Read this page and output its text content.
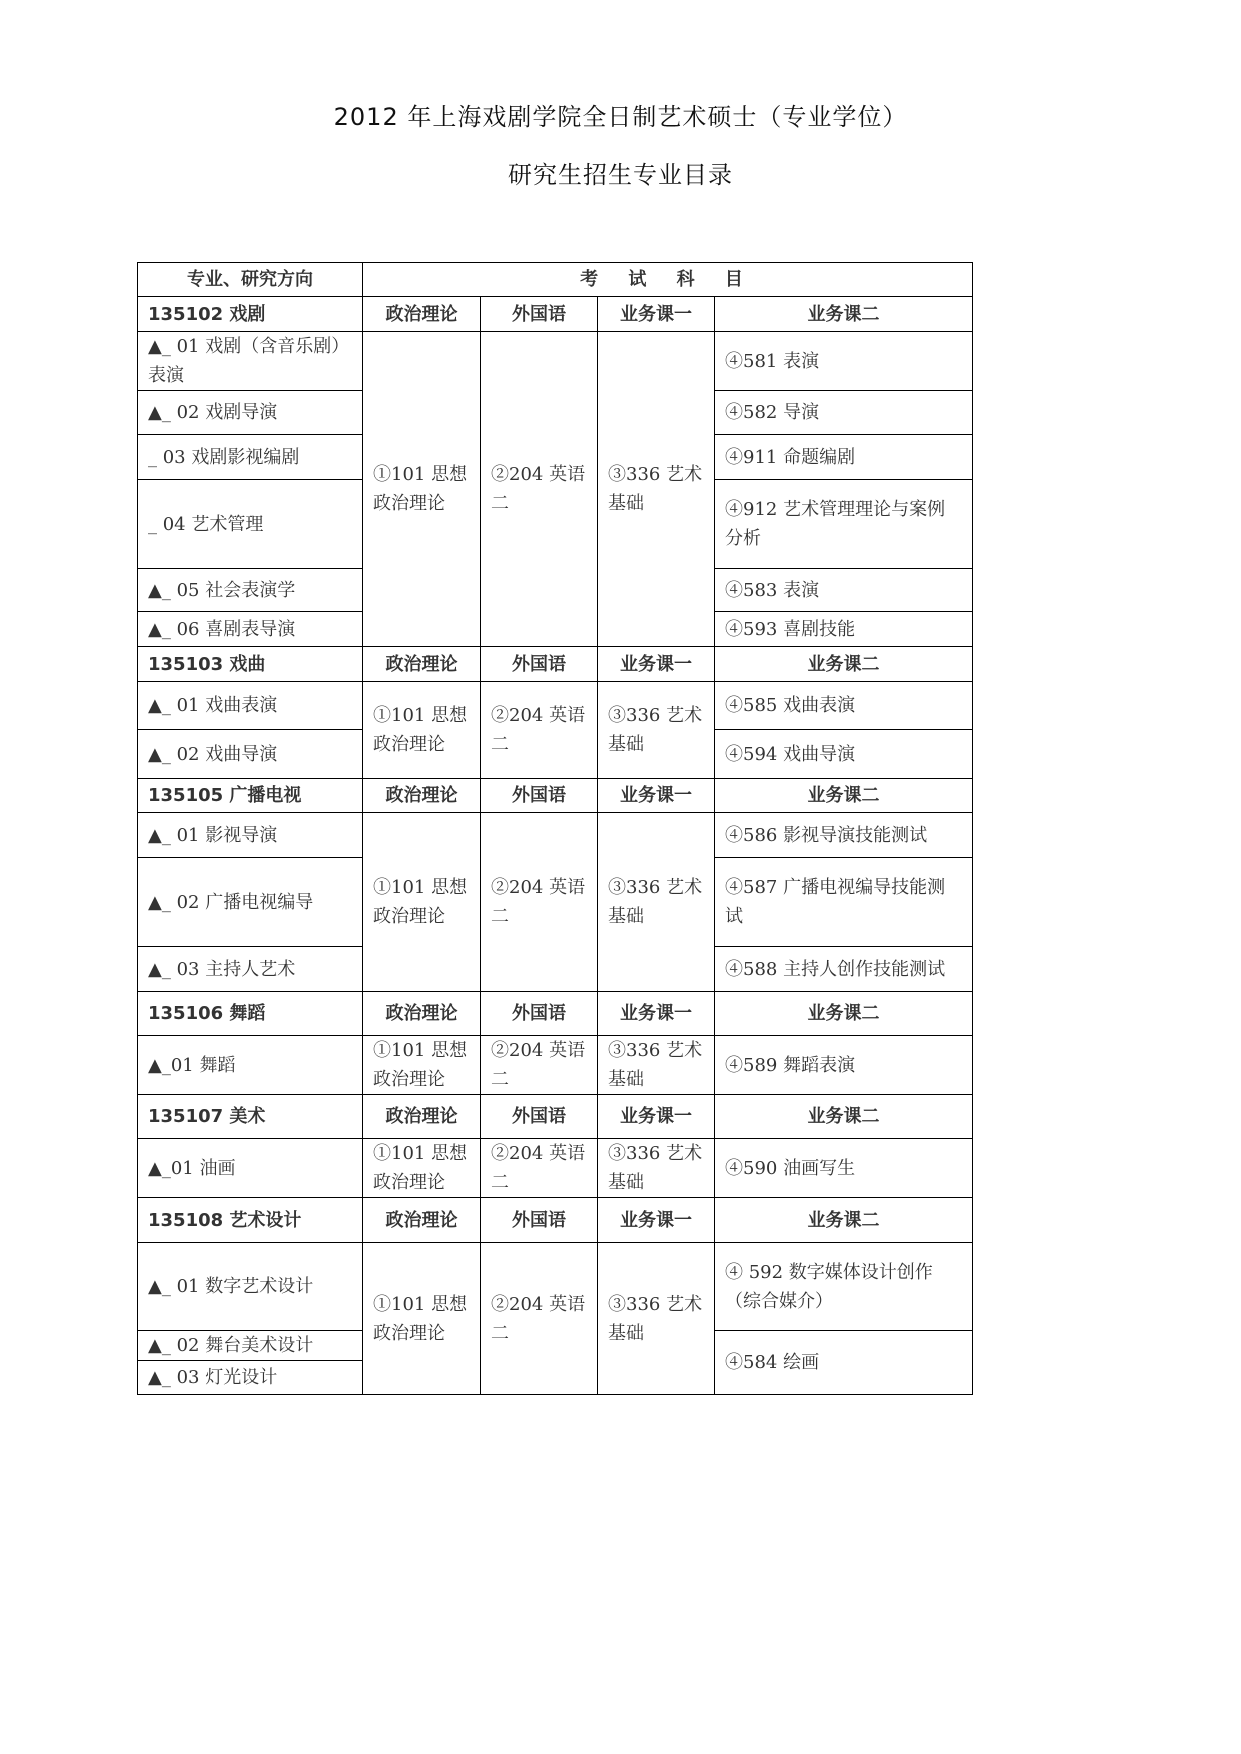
2012 年上海戏剧学院全日制艺术硕士（专业学位）
研究生招生专业目录
专业、研究方向	考 试 科 目			
135102 戏剧	政治理论	外国语	业务课一	业务课二
▲_ 01 戏剧（含音乐剧）表演	①101 思想政治理论	②204 英语二	③336 艺术基础	④581 表演
▲_ 02 戏剧导演				④582 导演
_ 03 戏剧影视编剧				④911 命题编剧
_ 04 艺术管理				④912 艺术管理理论与案例分析
▲_ 05 社会表演学				④583 表演
▲_ 06 喜剧表导演				④593 喜剧技能
135103 戏曲	政治理论	外国语	业务课一	业务课二
▲_ 01 戏曲表演	①101 思想政治理论	②204 英语二	③336 艺术基础	④585 戏曲表演
▲_ 02 戏曲导演				④594 戏曲导演
135105 广播电视	政治理论	外国语	业务课一	业务课二
▲_ 01 影视导演	①101 思想政治理论	②204 英语二	③336 艺术基础	④586 影视导演技能测试
▲_ 02 广播电视编导				④587 广播电视编导技能测试
▲_ 03 主持人艺术				④588 主持人创作技能测试
135106 舞蹈	政治理论	外国语	业务课一	业务课二
▲_01 舞蹈	①101 思想政治理论	②204 英语二	③336 艺术基础	④589 舞蹈表演
135107 美术	政治理论	外国语	业务课一	业务课二
▲_01 油画	①101 思想政治理论	②204 英语二	③336 艺术基础	④590 油画写生
135108 艺术设计	政治理论	外国语	业务课一	业务课二
▲_ 01 数字艺术设计	①101 思想政治理论	②204 英语二	③336 艺术基础	④ 592 数字媒体设计创作（综合媒介）
▲_ 02 舞台美术设计				④584 绘画
▲_ 03 灯光设计				
